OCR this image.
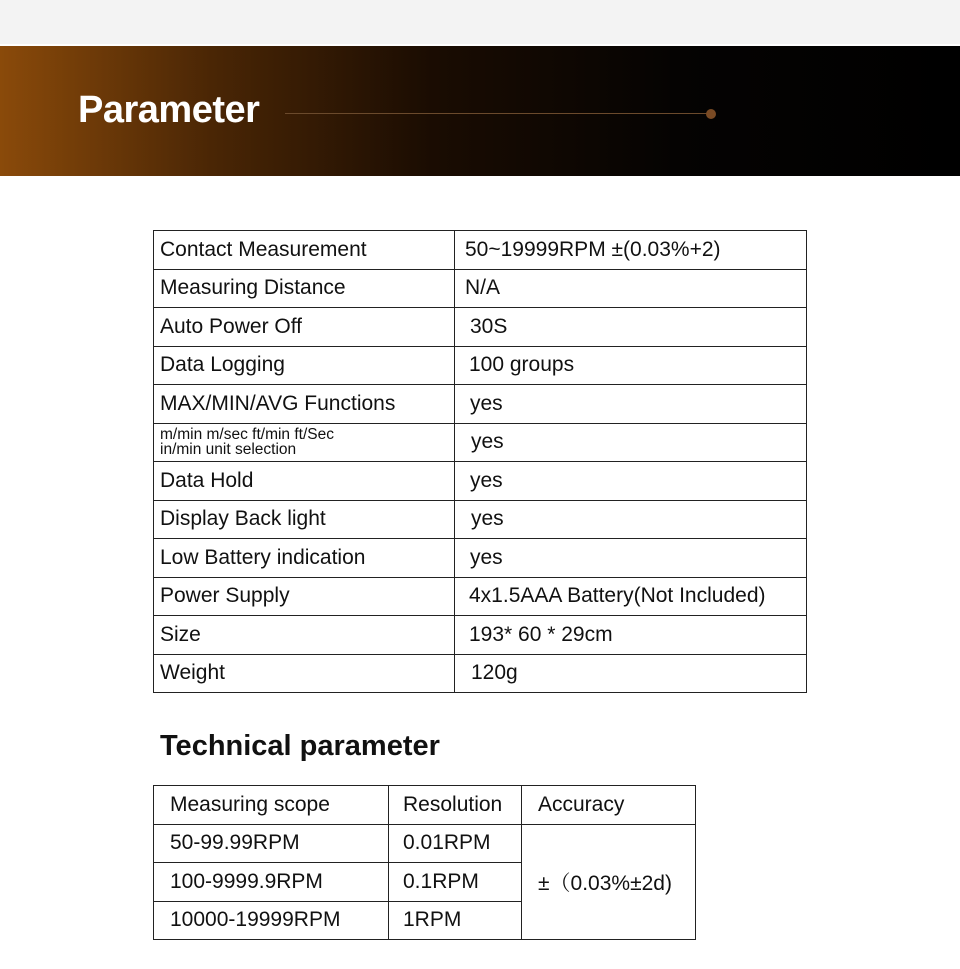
Parameter
Contact Measurement	50~19999RPM ±(0.03%+2)
Measuring Distance	N/A
Auto Power Off	30S
Data Logging	100 groups
MAX/MIN/AVG Functions	yes

m/min m/sec ft/min ft/Sec
in/min unit selection	yes
Data Hold	yes
Display Back light	yes
Low Battery indication	yes
Power Supply	4x1.5AAA Battery(Not Included)
Size	193* 60 * 29cm
Weight	120g
Technical parameter
Measuring scope	Resolution	Accuracy
50-99.99RPM	0.01RPM	±（0.03%±2d)
100-9999.9RPM	0.1RPM	
10000-19999RPM	1RPM	
